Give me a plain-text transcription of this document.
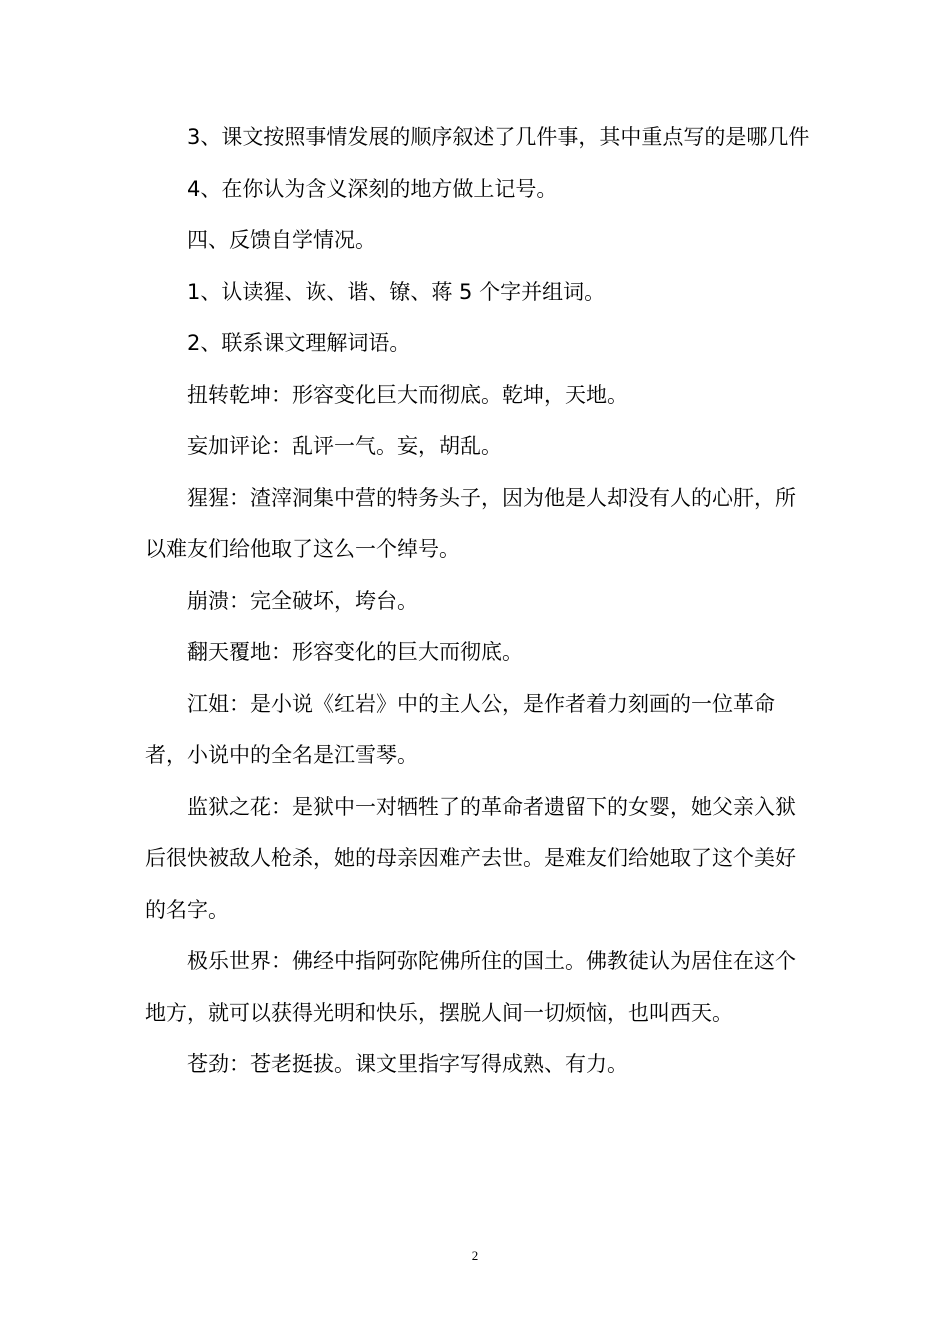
3、课文按照事情发展的顺序叙述了几件事，其中重点写的是哪几件

4、在你认为含义深刻的地方做上记号。

四、反馈自学情况。

1、认读猩、诙、谐、镣、蒋 5 个字并组词。

2、联系课文理解词语。

扭转乾坤：形容变化巨大而彻底。乾坤，天地。

妄加评论：乱评一气。妄，胡乱。

猩猩：渣滓洞集中营的特务头子，因为他是人却没有人的心肝，所以难友们给他取了这么一个绰号。

崩溃：完全破坏，垮台。

翻天覆地：形容变化的巨大而彻底。

江姐：是小说《红岩》中的主人公，是作者着力刻画的一位革命者，小说中的全名是江雪琴。

监狱之花：是狱中一对牺牲了的革命者遗留下的女婴，她父亲入狱后很快被敌人枪杀，她的母亲因难产去世。是难友们给她取了这个美好的名字。

极乐世界：佛经中指阿弥陀佛所住的国土。佛教徒认为居住在这个地方，就可以获得光明和快乐，摆脱人间一切烦恼，也叫西天。

苍劲：苍老挺拔。课文里指字写得成熟、有力。

2
